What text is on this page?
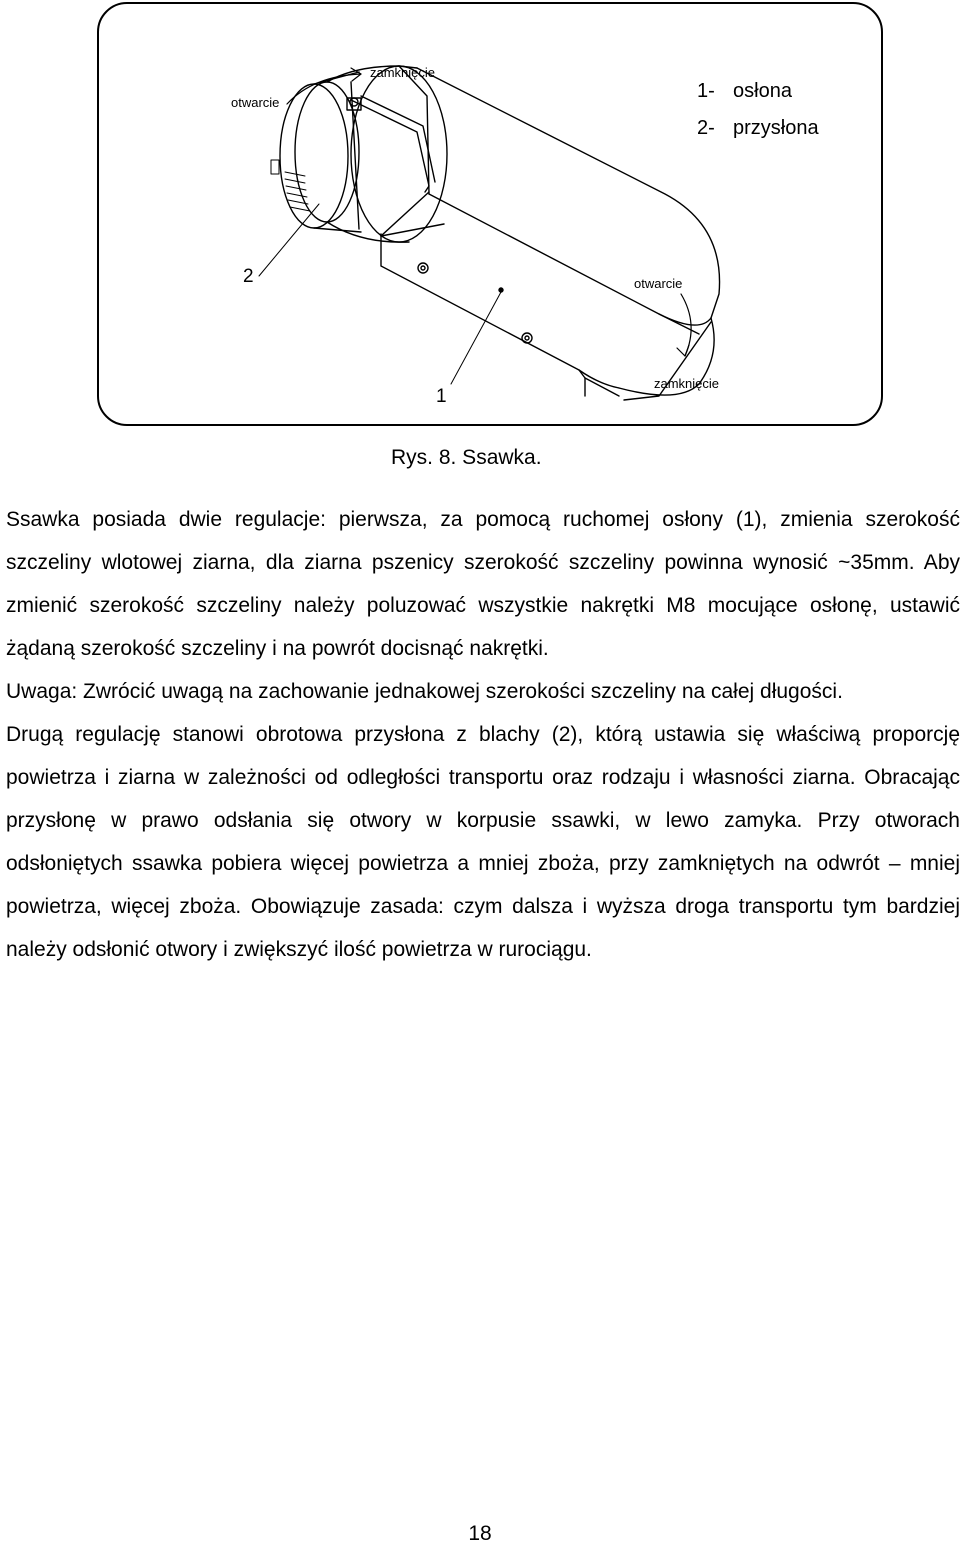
otwarcie
zamknięcie
1- osłona
2- przysłona
2
1
otwarcie
zamknięcie
Rys. 8. Ssawka.

Ssawka posiada dwie regulacje: pierwsza, za pomocą ruchomej osłony (1), zmienia szerokość szczeliny wlotowej ziarna, dla ziarna pszenicy szerokość szczeliny powinna wynosić ~35mm. Aby zmienić szerokość szczeliny należy poluzować wszystkie nakrętki M8 mocujące osłonę, ustawić żądaną szerokość szczeliny i na powrót docisnąć nakrętki.

Uwaga: Zwrócić uwagą na zachowanie jednakowej szerokości szczeliny na całej długości.

Drugą regulację stanowi obrotowa przysłona z blachy (2), którą ustawia się właściwą proporcję powietrza i ziarna w zależności od odległości transportu oraz rodzaju i własności ziarna. Obracając przysłonę w prawo odsłania się otwory w korpusie ssawki, w lewo zamyka. Przy otworach odsłoniętych ssawka pobiera więcej powietrza a mniej zboża, przy zamkniętych na odwrót – mniej powietrza, więcej zboża. Obowiązuje zasada: czym dalsza i wyższa droga transportu tym bardziej należy odsłonić otwory i zwiększyć ilość powietrza w rurociągu.

18
